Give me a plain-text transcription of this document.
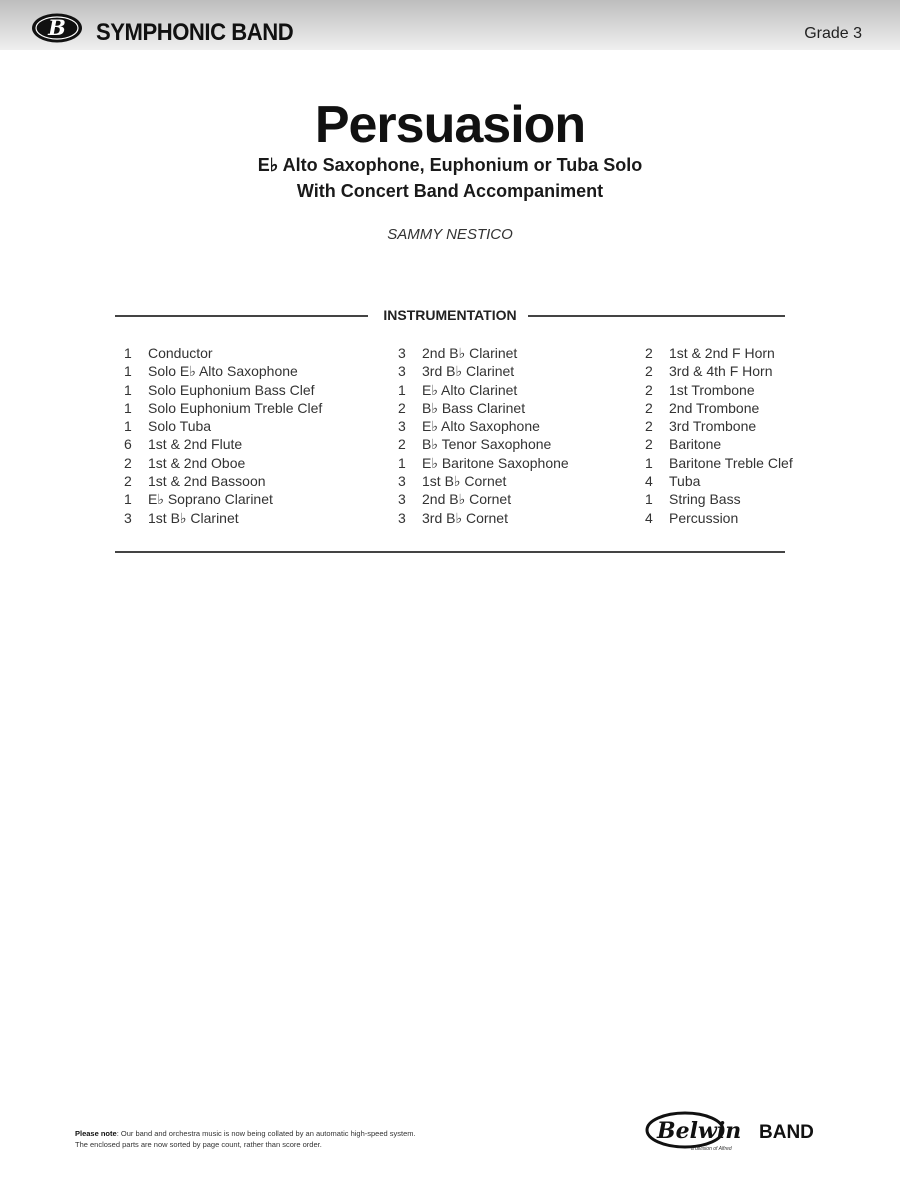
B SYMPHONIC BAND	Grade 3
Persuasion
E♭ Alto Saxophone, Euphonium or Tuba Solo
With Concert Band Accompaniment
SAMMY NESTICO
INSTRUMENTATION
1 Conductor
1 Solo E♭ Alto Saxophone
1 Solo Euphonium Bass Clef
1 Solo Euphonium Treble Clef
1 Solo Tuba
6 1st & 2nd Flute
2 1st & 2nd Oboe
2 1st & 2nd Bassoon
1 E♭ Soprano Clarinet
3 1st B♭ Clarinet
3 2nd B♭ Clarinet
3 3rd B♭ Clarinet
1 E♭ Alto Clarinet
2 B♭ Bass Clarinet
3 E♭ Alto Saxophone
2 B♭ Tenor Saxophone
1 E♭ Baritone Saxophone
3 1st B♭ Cornet
3 2nd B♭ Cornet
3 3rd B♭ Cornet
2 1st & 2nd F Horn
2 3rd & 4th F Horn
2 1st Trombone
2 2nd Trombone
2 3rd Trombone
2 Baritone
1 Baritone Treble Clef
4 Tuba
1 String Bass
4 Percussion
Please note: Our band and orchestra music is now being collated by an automatic high-speed system.
The enclosed parts are now sorted by page count, rather than score order.
Belwin BAND
a division of Alfred
